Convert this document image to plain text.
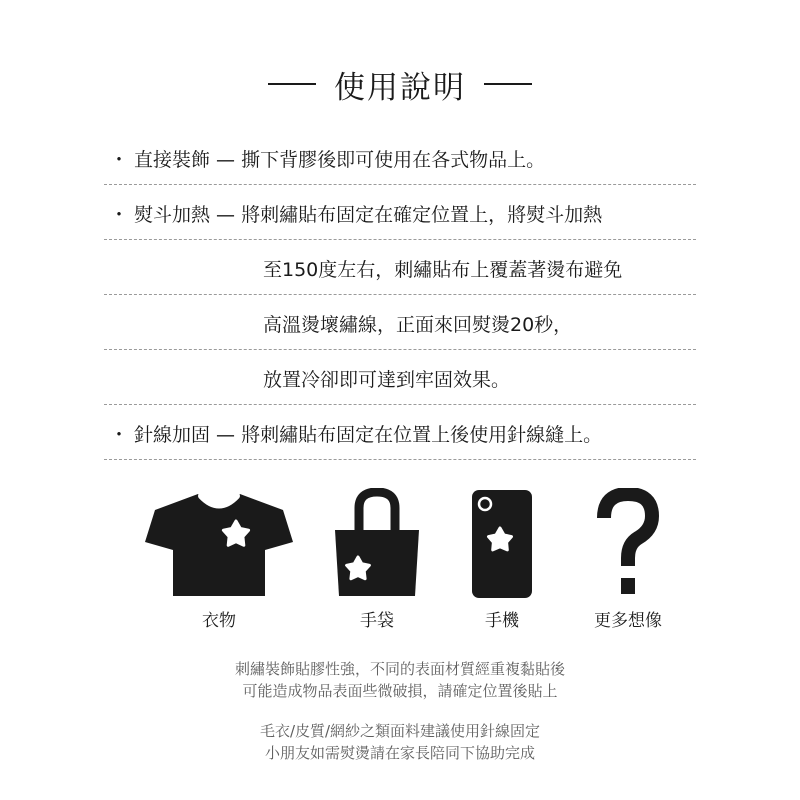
使用說明
・ 直接裝飾 — 撕下背膠後即可使用在各式物品上。
・ 熨斗加熱 — 將刺繡貼布固定在確定位置上，將熨斗加熱
至150度左右，刺繡貼布上覆蓋著燙布避免
高溫燙壞繡線，正面來回熨燙20秒，
放置冷卻即可達到牢固效果。
・ 針線加固 — 將刺繡貼布固定在位置上後使用針線縫上。
衣物	手袋	手機	更多想像
刺繡裝飾貼膠性強，不同的表面材質經重複黏貼後
可能造成物品表面些微破損，請確定位置後貼上
毛衣/皮質/網紗之類面料建議使用針線固定
小朋友如需熨燙請在家長陪同下協助完成
